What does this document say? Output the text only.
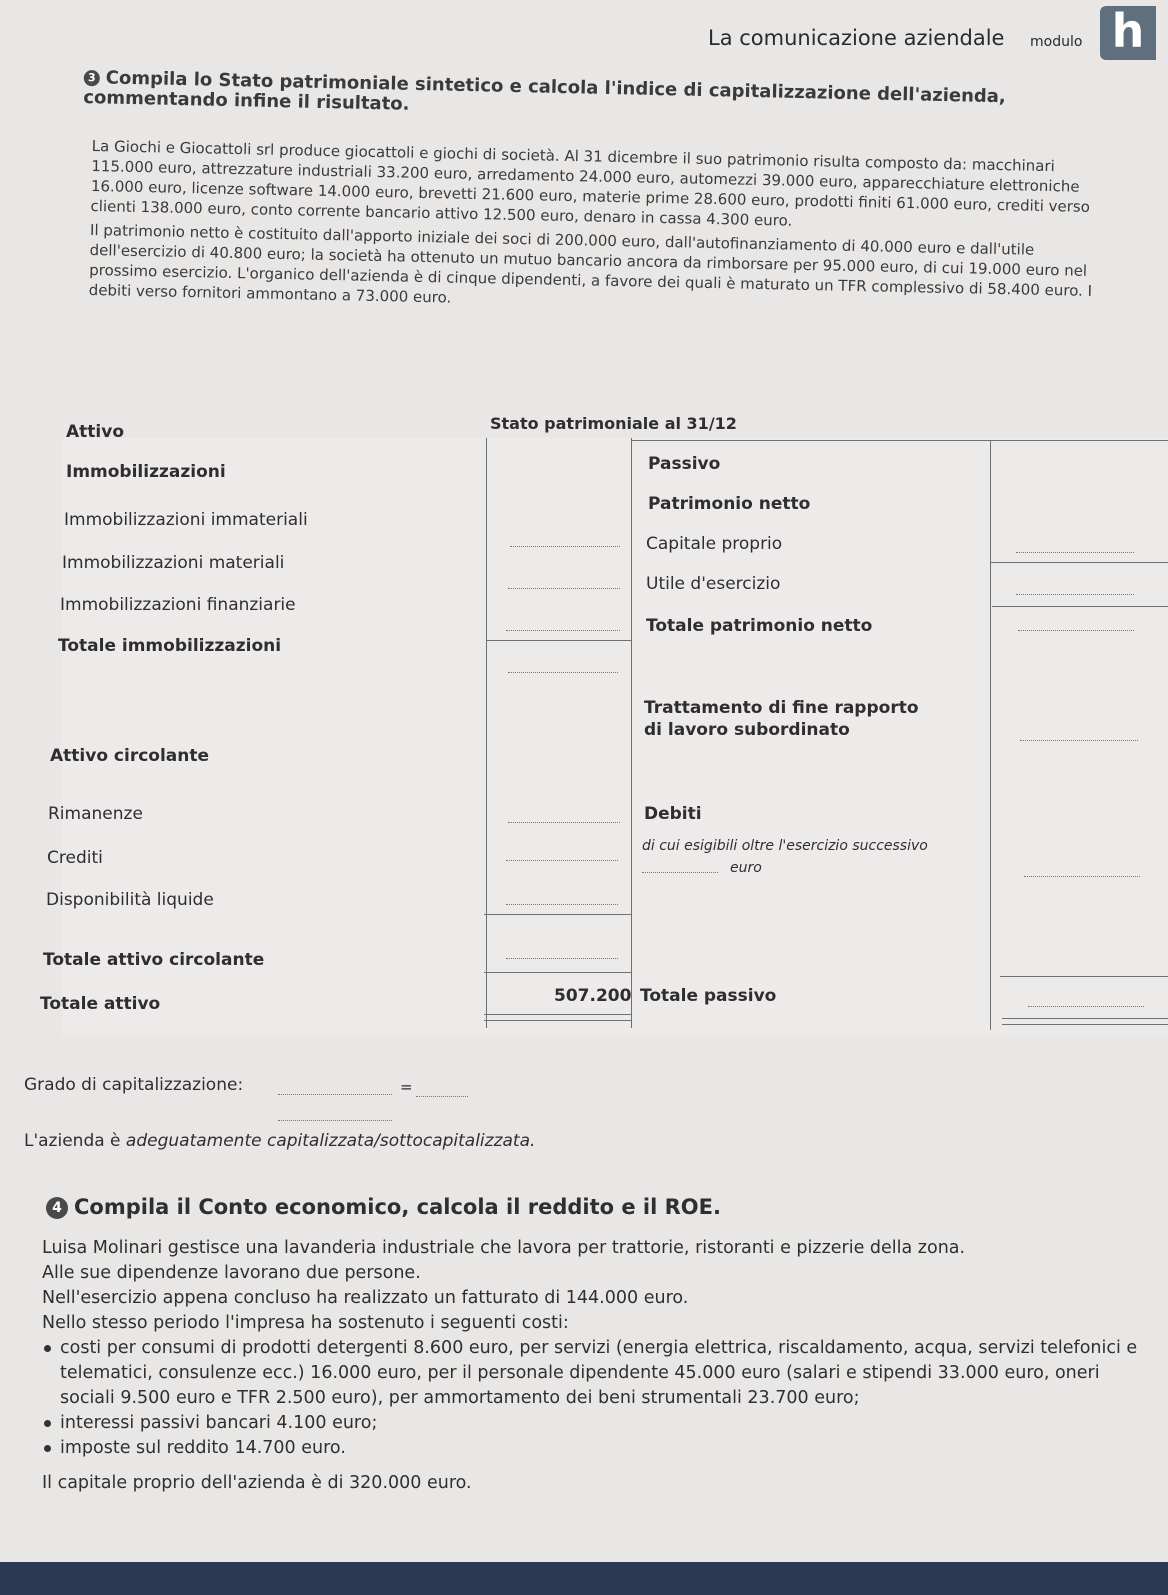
La comunicazione aziendale modulo h
3 Compila lo Stato patrimoniale sintetico e calcola l'indice di capitalizzazione dell'azienda, commentando infine il risultato.

La Giochi e Giocattoli srl produce giocattoli e giochi di società. Al 31 dicembre il suo patrimonio risulta composto da: macchinari 115.000 euro, attrezzature industriali 33.200 euro, arredamento 24.000 euro, automezzi 39.000 euro, apparecchiature elettroniche 16.000 euro, licenze software 14.000 euro, brevetti 21.600 euro, materie prime 28.600 euro, prodotti finiti 61.000 euro, crediti verso clienti 138.000 euro, conto corrente bancario attivo 12.500 euro, denaro in cassa 4.300 euro.

Il patrimonio netto è costituito dall'apporto iniziale dei soci di 200.000 euro, dall'autofinanziamento di 40.000 euro e dall'utile dell'esercizio di 40.800 euro; la società ha ottenuto un mutuo bancario ancora da rimborsare per 95.000 euro, di cui 19.000 euro nel prossimo esercizio. L'organico dell'azienda è di cinque dipendenti, a favore dei quali è maturato un TFR complessivo di 58.400 euro. I debiti verso fornitori ammontano a 73.000 euro.

Stato patrimoniale al 31/12
Attivo
Immobilizzazioni
Immobilizzazioni immateriali
Immobilizzazioni materiali
Immobilizzazioni finanziarie
Totale immobilizzazioni
Attivo circolante
Rimanenze
Crediti
Disponibilità liquide
Totale attivo circolante
Totale attivo	507.200
Passivo
Patrimonio netto
Capitale proprio
Utile d'esercizio
Totale patrimonio netto
Trattamento di fine rapporto
di lavoro subordinato
Debiti
di cui esigibili oltre l'esercizio successivo
euro
Totale passivo
Grado di capitalizzazione:	=
L'azienda è adeguatamente capitalizzata/sottocapitalizzata.
4 Compila il Conto economico, calcola il reddito e il ROE.

Luisa Molinari gestisce una lavanderia industriale che lavora per trattorie, ristoranti e pizzerie della zona.

Alle sue dipendenze lavorano due persone.

Nell'esercizio appena concluso ha realizzato un fatturato di 144.000 euro.

Nello stesso periodo l'impresa ha sostenuto i seguenti costi:

costi per consumi di prodotti detergenti 8.600 euro, per servizi (energia elettrica, riscaldamento, acqua, servizi telefonici e telematici, consulenze ecc.) 16.000 euro, per il personale dipendente 45.000 euro (salari e stipendi 33.000 euro, oneri sociali 9.500 euro e TFR 2.500 euro), per ammortamento dei beni strumentali 23.700 euro;
interessi passivi bancari 4.100 euro;
imposte sul reddito 14.700 euro.

Il capitale proprio dell'azienda è di 320.000 euro.
